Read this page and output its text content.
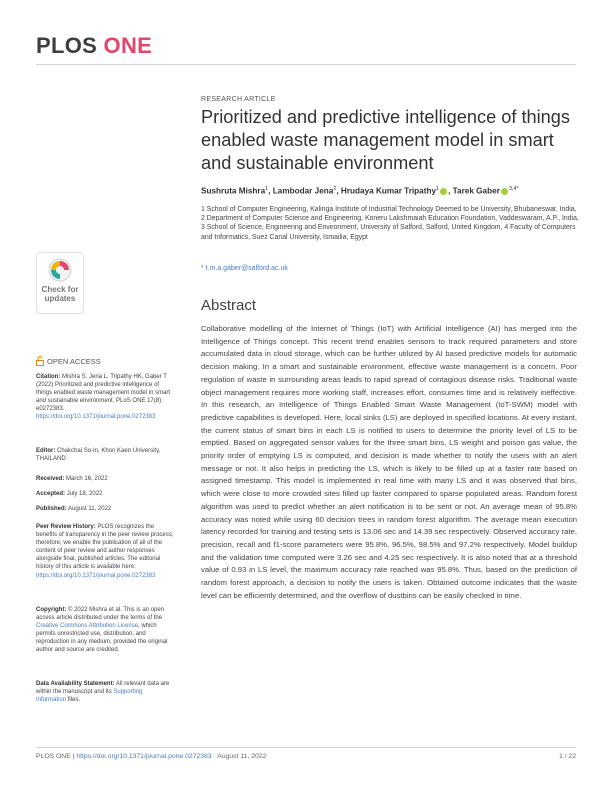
PLOS ONE
Check for
updates
OPEN ACCESS
Citation: Mishra S, Jena L, Tripathy HK, Gaber T (2022) Prioritized and predictive intelligence of things enabled waste management model in smart and sustainable environment. PLoS ONE 17(8): e0272383. https://doi.org/10.1371/journal.pone.0272383
Editor: Chakchai So-In, Khon Kaen University, THAILAND
Received: March 16, 2022
Accepted: July 18, 2022
Published: August 11, 2022
Peer Review History: PLOS recognizes the benefits of transparency in the peer review process; therefore, we enable the publication of all of the content of peer review and author responses alongside final, published articles. The editorial history of this article is available here: https://doi.org/10.1371/journal.pone.0272383
Copyright: © 2022 Mishra et al. This is an open access article distributed under the terms of the Creative Commons Attribution License, which permits unrestricted use, distribution, and reproduction in any medium, provided the original author and source are credited.
Data Availability Statement: All relevant data are within the manuscript and its Supporting Information files.
RESEARCH ARTICLE
Prioritized and predictive intelligence of things enabled waste management model in smart and sustainable environment
Sushruta Mishra$^1$, Lambodar Jena$^2$, Hrudaya Kumar Tripathy$^1$ , Tarek Gaber $^{3,4*}$
1 School of Computer Engineering, Kalinga Institute of Industrial Technology Deemed to be University, Bhubaneswar, India, 2 Department of Computer Science and Engineering, Koneru Lakshmaiah Education Foundation, Vaddeswaram, A.P., India, 3 School of Science, Engineering and Environment, University of Salford, Salford, United Kingdom, 4 Faculty of Computers and Informatics, Suez Canal University, Ismailia, Egypt
* t.m.a.gaber@salford.ac.uk
Abstract
Collaborative modelling of the Internet of Things (IoT) with Artificial Intelligence (AI) has merged into the Intelligence of Things concept. This recent trend enables sensors to track required parameters and store accumulated data in cloud storage, which can be further utilized by AI based predictive models for automatic decision making. In a smart and sustainable environment, effective waste management is a concern. Poor regulation of waste in surrounding areas leads to rapid spread of contagious disease risks. Traditional waste object management requires more working staff, increases effort, consumes time and is relatively ineffective. In this research, an Intelligence of Things Enabled Smart Waste Management (IoT-SWM) model with predictive capabilities is developed. Here, local sinks (LS) are deployed in specified locations. At every instant, the current status of smart bins in each LS is notified to users to determine the priority level of LS to be emptied. Based on aggregated sensor values for the three smart bins, LS weight and poison gas value, the priority order of emptying LS is computed, and decision is made whether to notify the users with an alert message or not. It also helps in predicting the LS, which is likely to be filled up at a faster rate based on assigned timestamp. This model is implemented in real time with many LS and it was observed that bins, which were close to more crowded sites filled up faster compared to sparse populated areas. Random forest algorithm was used to predict whether an alert notification is to be sent or not. An average mean of 95.8% accuracy was noted while using 60 decision trees in random forest algorithm. The average mean execution latency recorded for training and testing sets is 13.06 sec and 14.39 sec respectively. Observed accuracy rate, precision, recall and f1-score parameters were 95.8%, 96.5%, 98.5% and 97.2% respectively. Model buildup and the validation time computed were 3.26 sec and 4.25 sec respectively. It is also noted that at a threshold value of 0.93 in LS level, the maximum accuracy rate reached was 95.8%. Thus, based on the prediction of random forest approach, a decision to notify the users is taken. Obtained outcome indicates that the waste level can be efficiently determined, and the overflow of dustbins can be easily checked in time.
PLOS ONE | https://doi.org/10.1371/journal.pone.0272383 August 11, 2022	1 / 22
